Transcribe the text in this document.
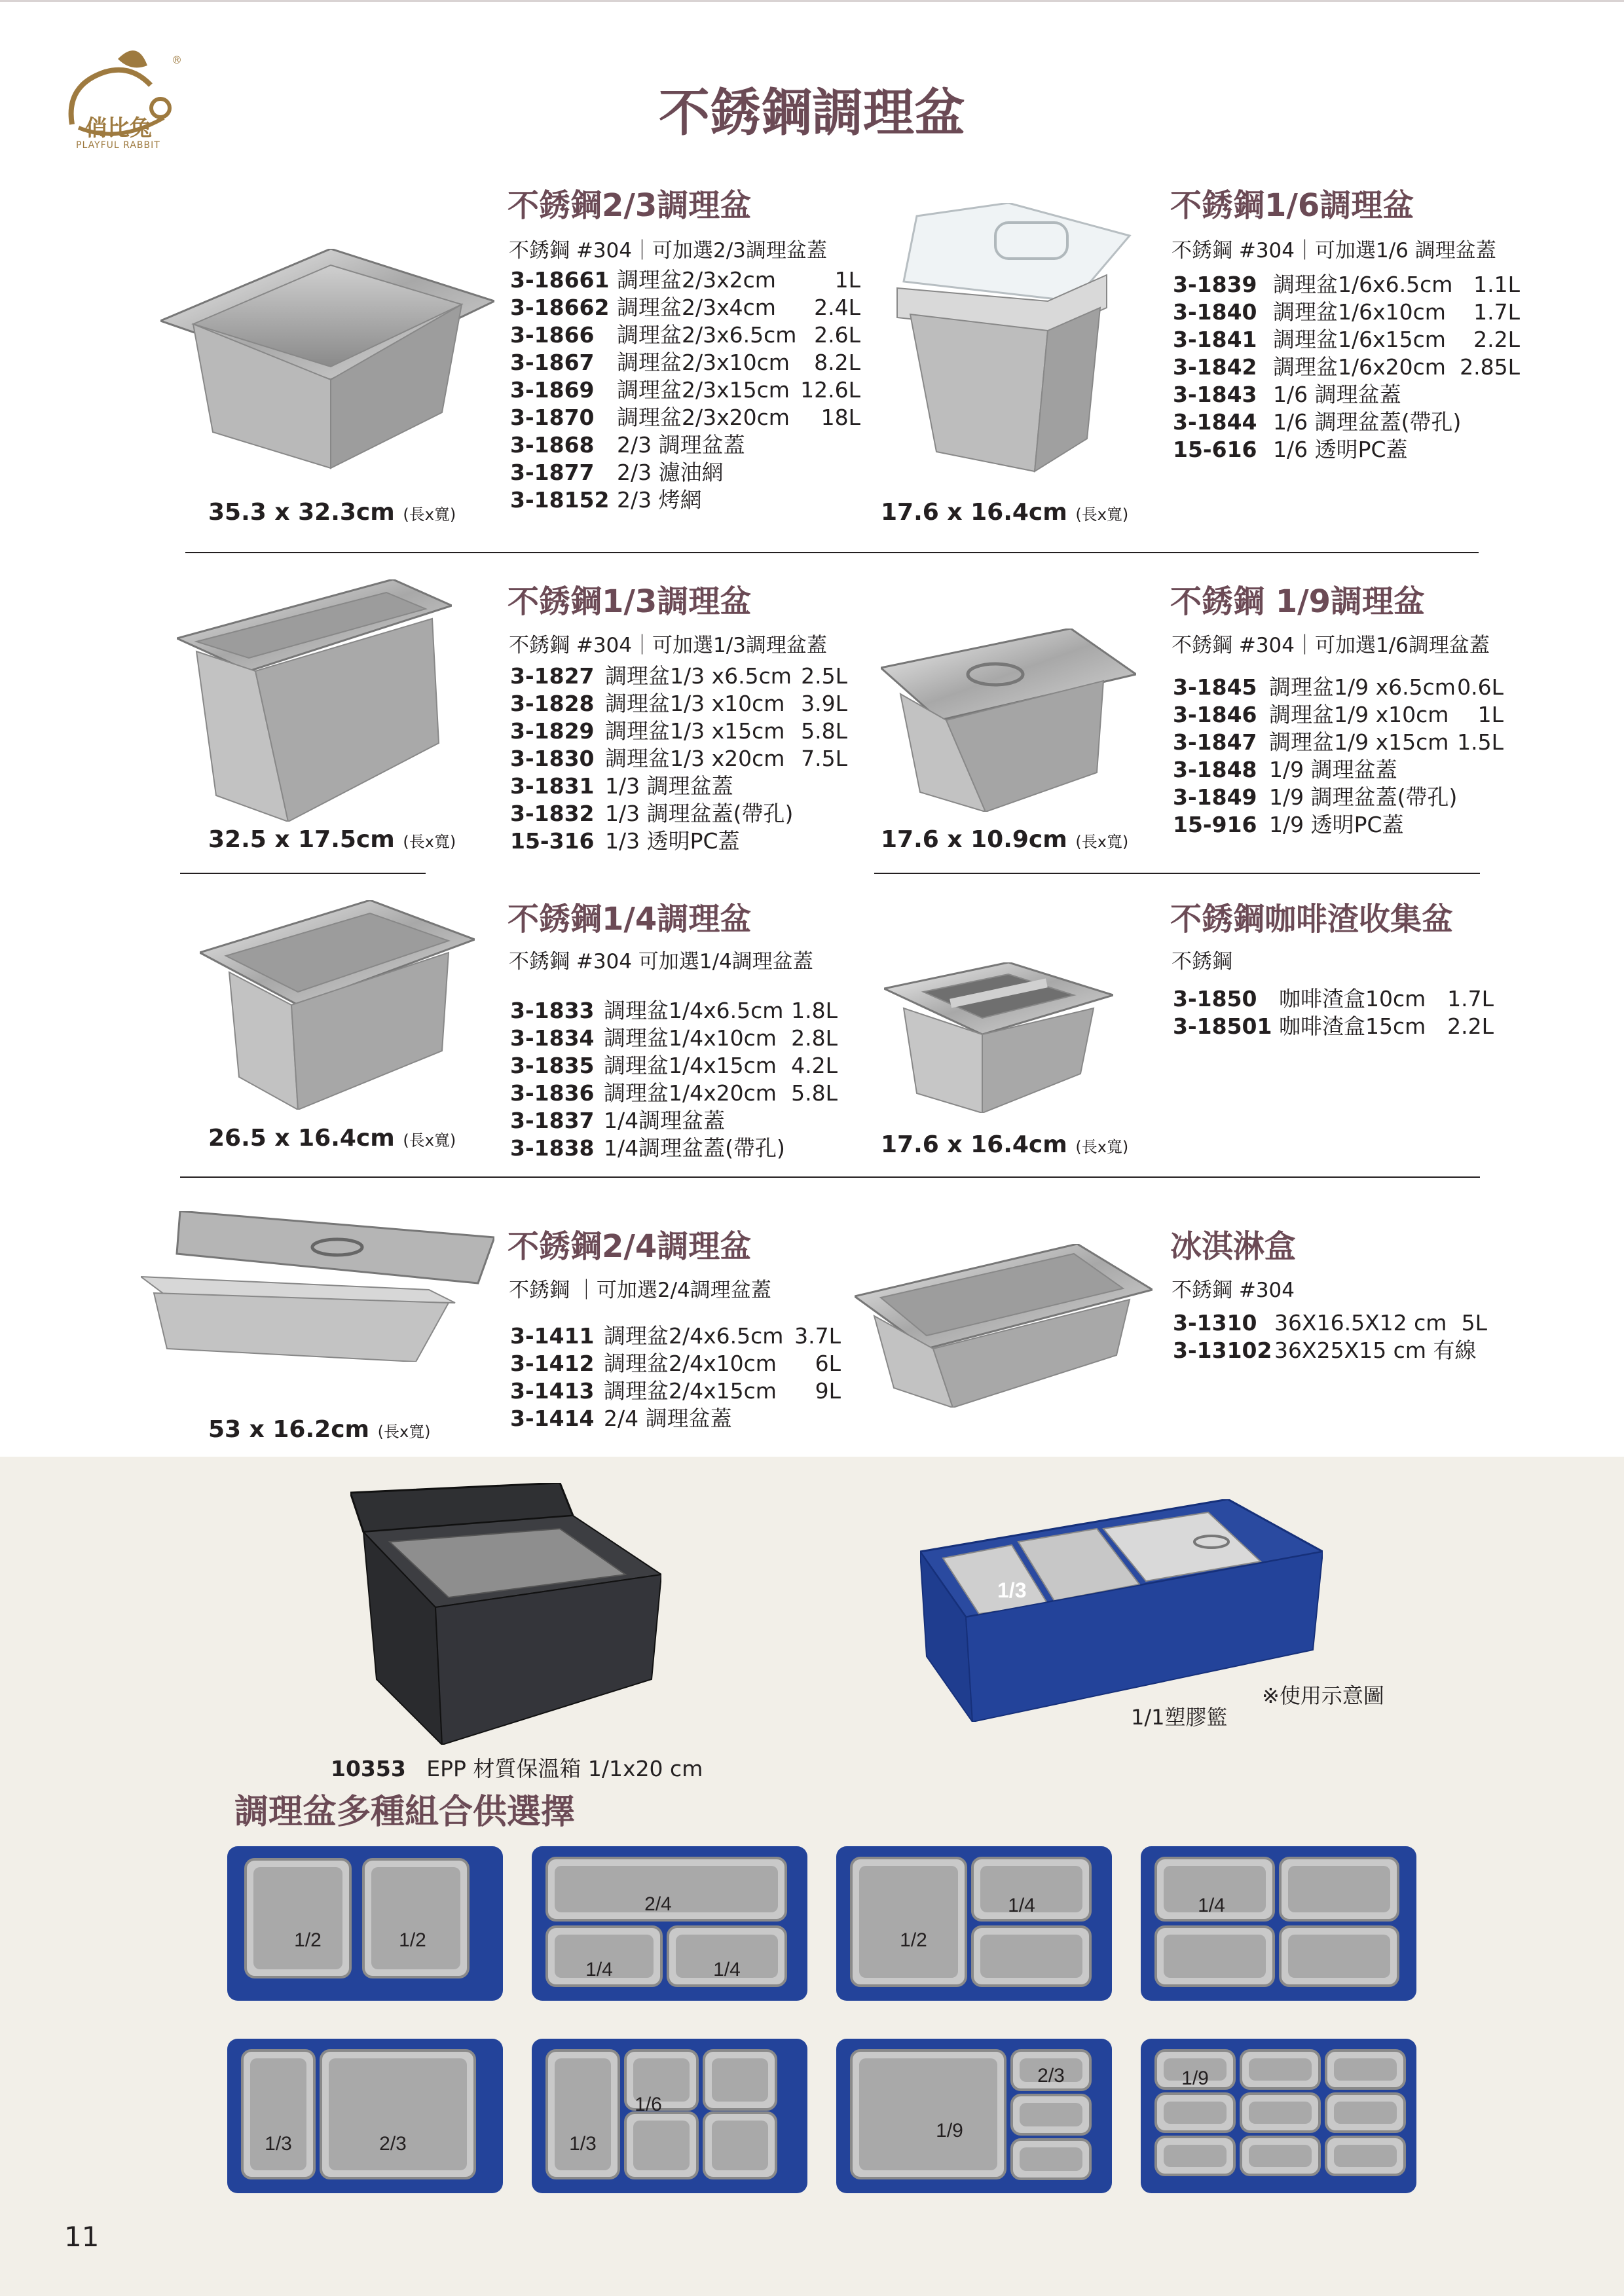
®
俏比兔
PLAYFUL RABBIT
不銹鋼調理盆
不銹鋼2/3調理盆
不銹鋼 #304｜可加選2/3調理盆蓋
3-18661 調理盆2/3x2cm	1L
3-18662 調理盆2/3x4cm	2.4L
3-1866	調理盆2/3x6.5cm 2.6L
3-1867	調理盆2/3x10cm	8.2L
3-1869	調理盆2/3x15cm 12.6L
3-1870	調理盆2/3x20cm	18L
3-1868	2/3 調理盆蓋
3-1877	2/3 濾油網
3-18152 2/3 烤網
35.3 x 32.3cm (長x寬)
不銹鋼1/6調理盆
不銹鋼 #304｜可加選1/6 調理盆蓋
3-1839 調理盆1/6x6.5cm 1.1L
3-1840 調理盆1/6x10cm	1.7L
3-1841 調理盆1/6x15cm	2.2L
3-1842 調理盆1/6x20cm 2.85L
3-1843 1/6 調理盆蓋
3-1844 1/6 調理盆蓋(帶孔)
15-616 1/6 透明PC蓋
17.6 x 16.4cm (長x寬)
不銹鋼1/3調理盆
不銹鋼 #304｜可加選1/3調理盆蓋
3-1827 調理盆1/3 x6.5cm 2.5L
3-1828 調理盆1/3 x10cm 3.9L
3-1829 調理盆1/3 x15cm 5.8L
3-1830 調理盆1/3 x20cm 7.5L
3-1831 1/3 調理盆蓋
3-1832 1/3 調理盆蓋(帶孔)
15-316 1/3 透明PC蓋
32.5 x 17.5cm (長x寬)
不銹鋼 1/9調理盆
不銹鋼 #304｜可加選1/6調理盆蓋
3-1845 調理盆1/9 x6.5cm 0.6L
3-1846 調理盆1/9 x10cm	1L
3-1847 調理盆1/9 x15cm 1.5L
3-1848 1/9 調理盆蓋
3-1849 1/9 調理盆蓋(帶孔)
15-916 1/9 透明PC蓋
17.6 x 10.9cm (長x寬)
不銹鋼1/4調理盆
不銹鋼 #304 可加選1/4調理盆蓋
3-1833 調理盆1/4x6.5cm 1.8L
3-1834 調理盆1/4x10cm 2.8L
3-1835 調理盆1/4x15cm 4.2L
3-1836 調理盆1/4x20cm 5.8L
3-1837 1/4調理盆蓋
3-1838 1/4調理盆蓋(帶孔)
26.5 x 16.4cm (長x寬)
不銹鋼咖啡渣收集盆
不銹鋼
3-1850	咖啡渣盒10cm 1.7L
3-18501 咖啡渣盒15cm 2.2L
17.6 x 16.4cm (長x寬)
不銹鋼2/4調理盆
不銹鋼 ｜可加選2/4調理盆蓋
3-1411 調理盆2/4x6.5cm 3.7L
3-1412 調理盆2/4x10cm	6L
3-1413 調理盆2/4x15cm	9L
3-1414 2/4 調理盆蓋
53 x 16.2cm (長x寬)
冰淇淋盒
不銹鋼 #304
3-1310 36X16.5X12 cm 5L
3-13102 36X25X15 cm 有線
10353 EPP 材質保溫箱 1/1x20 cm
1/3
1/1塑膠籃
※使用示意圖
調理盆多種組合供選擇
1/2	1/2
2/4
1/4	1/4
1/2
1/4	1/4
1/3	2/3
1/6
1/3
1/9
2/3	1/9
11
